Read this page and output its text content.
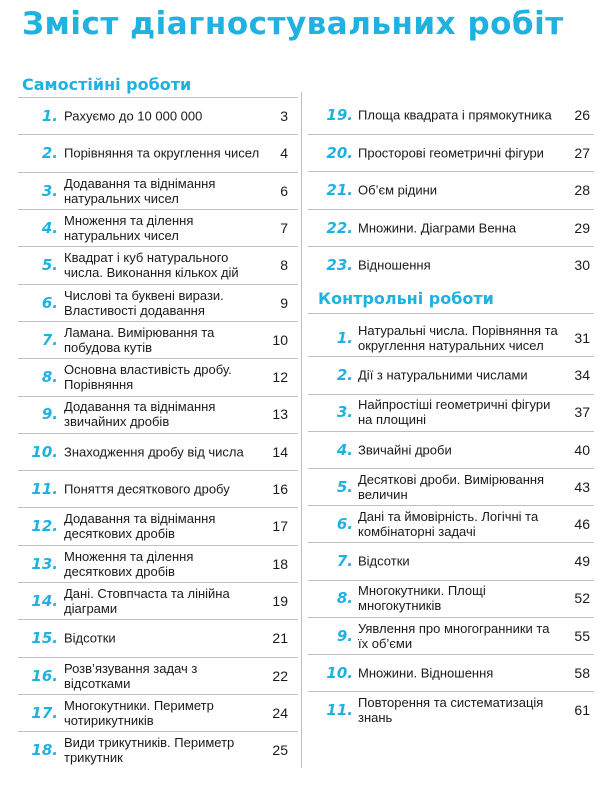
Зміст діагностувальних робіт
Самостійні роботи
1. Рахуємо до 10 000 000	3
2. Порівняння та округлення чисел	4
3. Додавання та віднімання натуральних чисел	6
4. Множення та ділення натуральних чисел	7
5. Квадрат і куб натурального числа. Виконання кількох дій	8
6. Числові та буквені вирази. Властивості додавання	9
7. Ламана. Вимірювання та побудова кутів	10
8. Основна властивість дробу. Порівняння	12
9. Додавання та віднімання звичайних дробів	13
10. Знаходження дробу від числа	14
11. Поняття десяткового дробу	16
12. Додавання та віднімання десяткових дробів	17
13. Множення та ділення десяткових дробів	18
14. Дані. Стовпчаста та лінійна діаграми	19
15. Відсотки	21
16. Розв’язування задач з відсотками	22
17. Многокутники. Периметр чотирикутників	24
18. Види трикутників. Периметр трикутник	25
19. Площа квадрата і прямокутника	26
20. Просторові геометричні фігури	27
21. Об’єм рідини	28
22. Множини. Діаграми Венна	29
23. Відношення	30
Контрольні роботи
1. Натуральні числа. Порівняння та округлення натуральних чисел	31
2. Дії з натуральними числами	34
3. Найпростіші геометричні фігури на площині	37
4. Звичайні дроби	40
5. Десяткові дроби. Вимірювання величин	43
6. Дані та ймовірність. Логічні та комбінаторні задачі	46
7. Відсотки	49
8. Многокутники. Площі многокутників	52
9. Уявлення про многогранники та їх об’єми	55
10. Множини. Відношення	58
11. Повторення та систематизація знань	61
